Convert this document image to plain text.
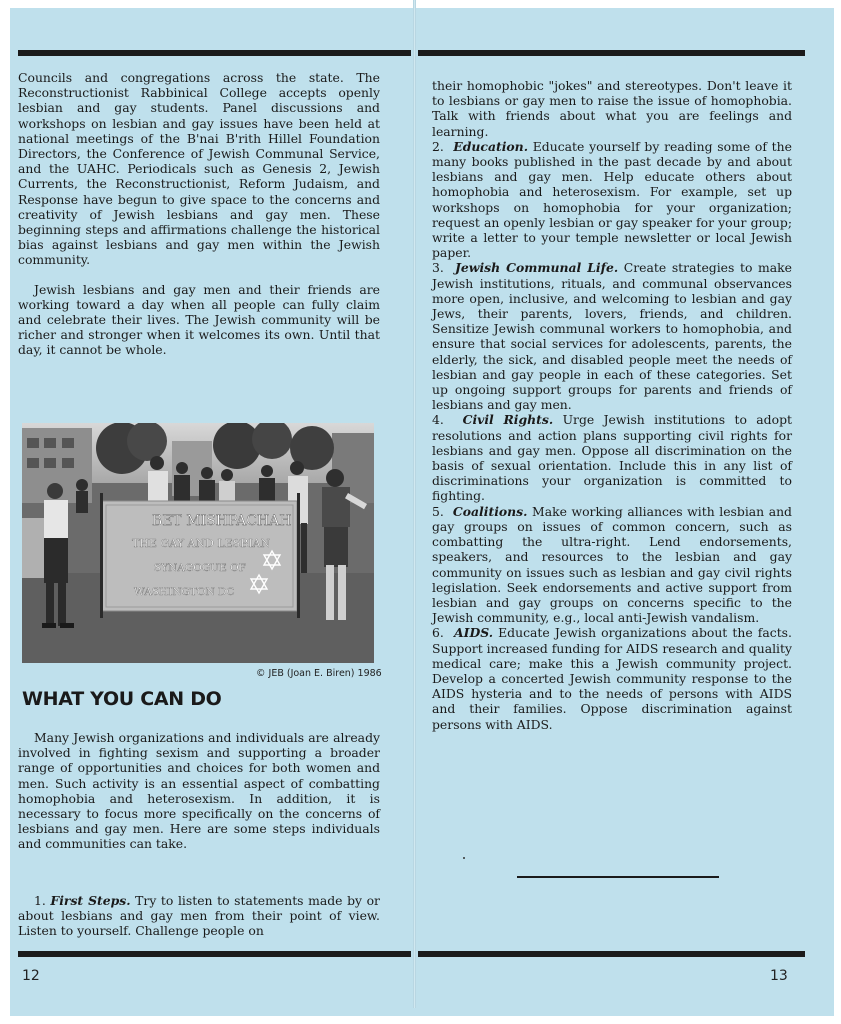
Councils and congregations across the state. The Reconstructionist Rabbinical College accepts openly lesbian and gay students. Panel discussions and workshops on lesbian and gay issues have been held at national meetings of the B'nai B'rith Hillel Foundation Directors, the Conference of Jewish Communal Service, and the UAHC. Periodicals such as Genesis 2, Jewish Currents, the Reconstructionist, Reform Judaism, and Response have begun to give space to the concerns and creativity of Jewish lesbians and gay men. These beginning steps and affirmations challenge the historical bias against lesbians and gay men within the Jewish community.

Jewish lesbians and gay men and their friends are working toward a day when all people can fully claim and celebrate their lives. The Jewish community will be richer and stronger when it welcomes its own. Until that day, it cannot be whole.

BET MISHPACHAH
THE GAY AND LESBIAN
SYNAGOGUE OF
WASHINGTON DC
© JEB (Joan E. Biren) 1986
WHAT YOU CAN DO

Many Jewish organizations and individuals are already involved in fighting sexism and supporting a broader range of opportunities and choices for both women and men. Such activity is an essential aspect of combatting homophobia and heterosexism. In addition, it is necessary to focus more specifically on the concerns of lesbians and gay men. Here are some steps individuals and communities can take.

1. First Steps. Try to listen to statements made by or about lesbians and gay men from their point of view. Listen to yourself. Challenge people on

their homophobic "jokes" and stereotypes. Don't leave it to lesbians or gay men to raise the issue of homophobia. Talk with friends about what you are feelings and learning.

2. Education. Educate yourself by reading some of the many books published in the past decade by and about lesbians and gay men. Help educate others about homophobia and heterosexism. For example, set up workshops on homophobia for your organization; request an openly lesbian or gay speaker for your group; write a letter to your temple newsletter or local Jewish paper.

3. Jewish Communal Life. Create strategies to make Jewish institutions, rituals, and communal observances more open, inclusive, and welcoming to lesbian and gay Jews, their parents, lovers, friends, and children. Sensitize Jewish communal workers to homophobia, and ensure that social services for adolescents, parents, the elderly, the sick, and disabled people meet the needs of lesbian and gay people in each of these categories. Set up ongoing support groups for parents and friends of lesbians and gay men.

4. Civil Rights. Urge Jewish institutions to adopt resolutions and action plans supporting civil rights for lesbians and gay men. Oppose all discrimination on the basis of sexual orientation. Include this in any list of discriminations your organization is committed to fighting.

5. Coalitions. Make working alliances with lesbian and gay groups on issues of common concern, such as combatting the ultra-right. Lend endorsements, speakers, and resources to the lesbian and gay community on issues such as lesbian and gay civil rights legislation. Seek endorsements and active support from lesbian and gay groups on concerns specific to the Jewish community, e.g., local anti-Jewish vandalism.

6. AIDS. Educate Jewish organizations about the facts. Support increased funding for AIDS research and quality medical care; make this a Jewish community project. Develop a concerted Jewish community response to the AIDS hysteria and to the needs of persons with AIDS and their families. Oppose discrimination against persons with AIDS.

12	13
